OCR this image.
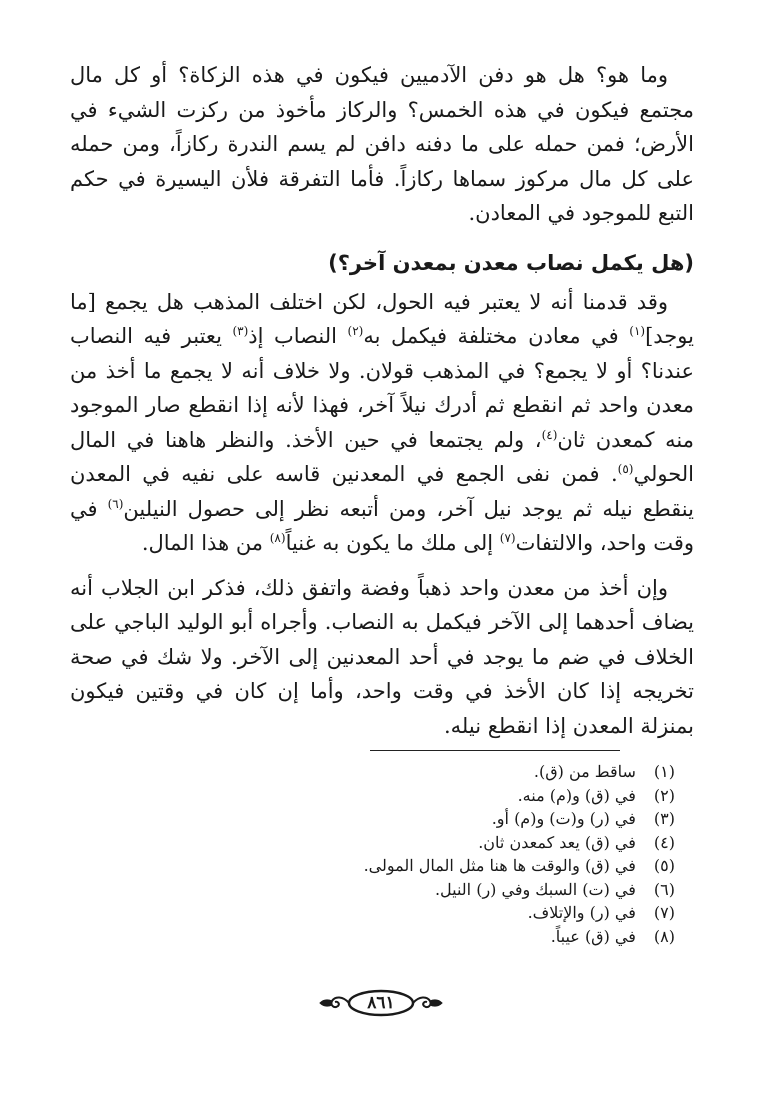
وما هو؟ هل هو دفن الآدميين فيكون في هذه الزكاة؟ أو كل مال مجتمع فيكون في هذه الخمس؟ والركاز مأخوذ من ركزت الشيء في الأرض؛ فمن حمله على ما دفنه دافن لم يسم الندرة ركازاً، ومن حمله على كل مال مركوز سماها ركازاً. فأما التفرقة فلأن اليسيرة في حكم التبع للموجود في المعادن.

(هل يكمل نصاب معدن بمعدن آخر؟)

وقد قدمنا أنه لا يعتبر فيه الحول، لكن اختلف المذهب هل يجمع [ما يوجد]$^{(١)}$ في معادن مختلفة فيكمل به$^{(٢)}$ النصاب إذ$^{(٣)}$ يعتبر فيه النصاب عندنا؟ أو لا يجمع؟ في المذهب قولان. ولا خلاف أنه لا يجمع ما أخذ من معدن واحد ثم انقطع ثم أدرك نيلاً آخر، فهذا لأنه إذا انقطع صار الموجود منه كمعدن ثان$^{(٤)}$، ولم يجتمعا في حين الأخذ. والنظر هاهنا في المال الحولي$^{(٥)}$. فمن نفى الجمع في المعدنين قاسه على نفيه في المعدن ينقطع نيله ثم يوجد نيل آخر، ومن أتبعه نظر إلى حصول النيلين$^{(٦)}$ في وقت واحد، والالتفات$^{(٧)}$ إلى ملك ما يكون به غنياً$^{(٨)}$ من هذا المال.

وإن أخذ من معدن واحد ذهباً وفضة واتفق ذلك، فذكر ابن الجلاب أنه يضاف أحدهما إلى الآخر فيكمل به النصاب. وأجراه أبو الوليد الباجي على الخلاف في ضم ما يوجد في أحد المعدنين إلى الآخر. ولا شك في صحة تخريجه إذا كان الأخذ في وقت واحد، وأما إن كان في وقتين فيكون بمنزلة المعدن إذا انقطع نيله.

(١) ساقط من (ق).
(٢) في (ق) و(م) منه.
(٣) في (ر) و(ت) و(م) أو.
(٤) في (ق) يعد كمعدن ثان.
(٥) في (ق) والوقت ها هنا مثل المال المولى.
(٦) في (ت) السبك وفي (ر) النيل.
(٧) في (ر) والإتلاف.
(٨) في (ق) عيباً.
٨٦١
